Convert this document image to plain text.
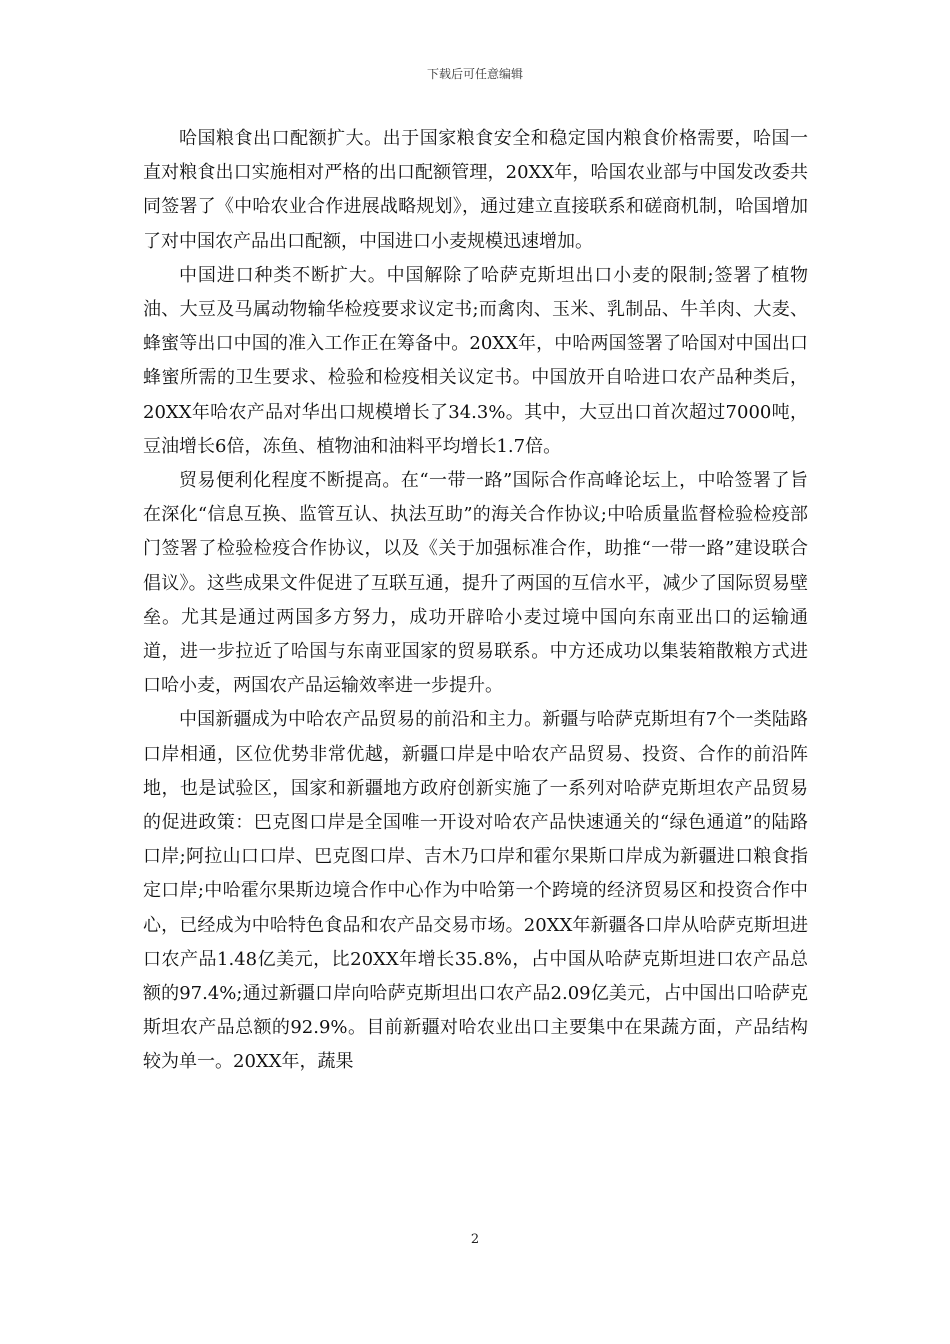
下载后可任意编辑

哈国粮食出口配额扩大。出于国家粮食安全和稳定国内粮食价格需要，哈国一直对粮食出口实施相对严格的出口配额管理，20XX年，哈国农业部与中国发改委共同签署了《中哈农业合作进展战略规划》，通过建立直接联系和磋商机制，哈国增加了对中国农产品出口配额，中国进口小麦规模迅速增加。

中国进口种类不断扩大。中国解除了哈萨克斯坦出口小麦的限制;签署了植物油、大豆及马属动物输华检疫要求议定书;而禽肉、玉米、乳制品、牛羊肉、大麦、蜂蜜等出口中国的准入工作正在筹备中。20XX年，中哈两国签署了哈国对中国出口蜂蜜所需的卫生要求、检验和检疫相关议定书。中国放开自哈进口农产品种类后，20XX年哈农产品对华出口规模增长了34.3%。其中，大豆出口首次超过7000吨，豆油增长6倍，冻鱼、植物油和油料平均增长1.7倍。

贸易便利化程度不断提高。在“一带一路”国际合作高峰论坛上，中哈签署了旨在深化“信息互换、监管互认、执法互助”的海关合作协议;中哈质量监督检验检疫部门签署了检验检疫合作协议，以及《关于加强标准合作，助推“一带一路”建设联合倡议》。这些成果文件促进了互联互通，提升了两国的互信水平，减少了国际贸易壁垒。尤其是通过两国多方努力，成功开辟哈小麦过境中国向东南亚出口的运输通道，进一步拉近了哈国与东南亚国家的贸易联系。中方还成功以集装箱散粮方式进口哈小麦，两国农产品运输效率进一步提升。

中国新疆成为中哈农产品贸易的前沿和主力。新疆与哈萨克斯坦有7个一类陆路口岸相通，区位优势非常优越，新疆口岸是中哈农产品贸易、投资、合作的前沿阵地，也是试验区，国家和新疆地方政府创新实施了一系列对哈萨克斯坦农产品贸易的促进政策：巴克图口岸是全国唯一开设对哈农产品快速通关的“绿色通道”的陆路口岸;阿拉山口口岸、巴克图口岸、吉木乃口岸和霍尔果斯口岸成为新疆进口粮食指定口岸;中哈霍尔果斯边境合作中心作为中哈第一个跨境的经济贸易区和投资合作中心，已经成为中哈特色食品和农产品交易市场。20XX年新疆各口岸从哈萨克斯坦进口农产品1.48亿美元，比20XX年增长35.8%，占中国从哈萨克斯坦进口农产品总额的97.4%;通过新疆口岸向哈萨克斯坦出口农产品2.09亿美元，占中国出口哈萨克斯坦农产品总额的92.9%。目前新疆对哈农业出口主要集中在果蔬方面，产品结构较为单一。20XX年，蔬果

2
